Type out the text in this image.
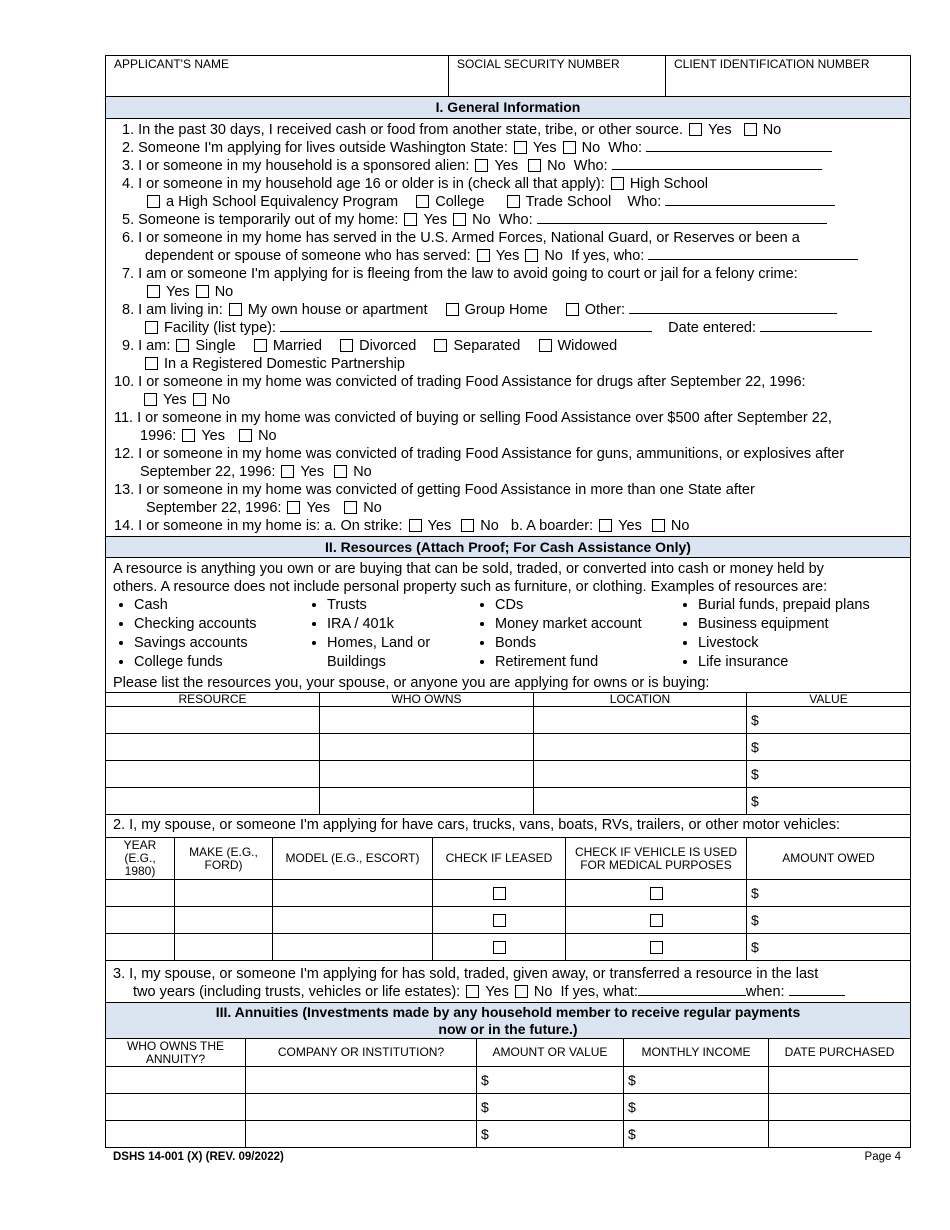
APPLICANT'S NAME	SOCIAL SECURITY NUMBER	CLIENT IDENTIFICATION NUMBER
I. General Information
1. In the past 30 days, I received cash or food from another state, tribe, or other source. Yes No
2. Someone I'm applying for lives outside Washington State: Yes No Who:
3. I or someone in my household is a sponsored alien: Yes No Who:
4. I or someone in my household age 16 or older is in (check all that apply): High School
a High School Equivalency Program	College	Trade School Who:
5. Someone is temporarily out of my home: Yes No Who:
6. I or someone in my home has served in the U.S. Armed Forces, National Guard, or Reserves or been a
dependent or spouse of someone who has served: Yes No If yes, who:
7. I am or someone I'm applying for is fleeing from the law to avoid going to court or jail for a felony crime:
Yes No
8. I am living in: My own house or apartment	Group Home	Other:
Facility (list type):	Date entered:
9. I am: Single	Married	Divorced	Separated	Widowed
In a Registered Domestic Partnership
10. I or someone in my home was convicted of trading Food Assistance for drugs after September 22, 1996:
Yes No
11. I or someone in my home was convicted of buying or selling Food Assistance over $500 after September 22,
1996: Yes No
12. I or someone in my home was convicted of trading Food Assistance for guns, ammunitions, or explosives after
September 22, 1996: Yes No
13. I or someone in my home was convicted of getting Food Assistance in more than one State after
September 22, 1996: Yes No
14. I or someone in my home is: a. On strike: Yes No b. A boarder: Yes No
II. Resources (Attach Proof; For Cash Assistance Only)
A resource is anything you own or are buying that can be sold, traded, or converted into cash or money held by
others. A resource does not include personal property such as furniture, or clothing. Examples of resources are:
• Cash
• Checking accounts
• Savings accounts
• College funds
• Trusts
• IRA / 401k
• Homes, Land or Buildings
• CDs
• Money market account
• Bonds
• Retirement fund
• Burial funds, prepaid plans
• Business equipment
• Livestock
• Life insurance
Please list the resources you, your spouse, or anyone you are applying for owns or is buying:
RESOURCE	WHO OWNS	LOCATION	VALUE
			$
			$
			$
			$
2. I, my spouse, or someone I'm applying for have cars, trucks, vans, boats, RVs, trailers, or other motor vehicles:
YEAR (E.G., 1980)	MAKE (E.G., FORD)	MODEL (E.G., ESCORT)	CHECK IF LEASED	CHECK IF VEHICLE IS USED FOR MEDICAL PURPOSES	AMOUNT OWED
					$
					$
					$
3. I, my spouse, or someone I'm applying for has sold, traded, given away, or transferred a resource in the last
two years (including trusts, vehicles or life estates): Yes No If yes, what:	when:
III. Annuities (Investments made by any household member to receive regular payments
now or in the future.)
WHO OWNS THE ANNUITY?	COMPANY OR INSTITUTION?	AMOUNT OR VALUE	MONTHLY INCOME	DATE PURCHASED
		$	$	
		$	$	
		$	$	
DSHS 14-001 (X) (REV. 09/2022)	Page 4
